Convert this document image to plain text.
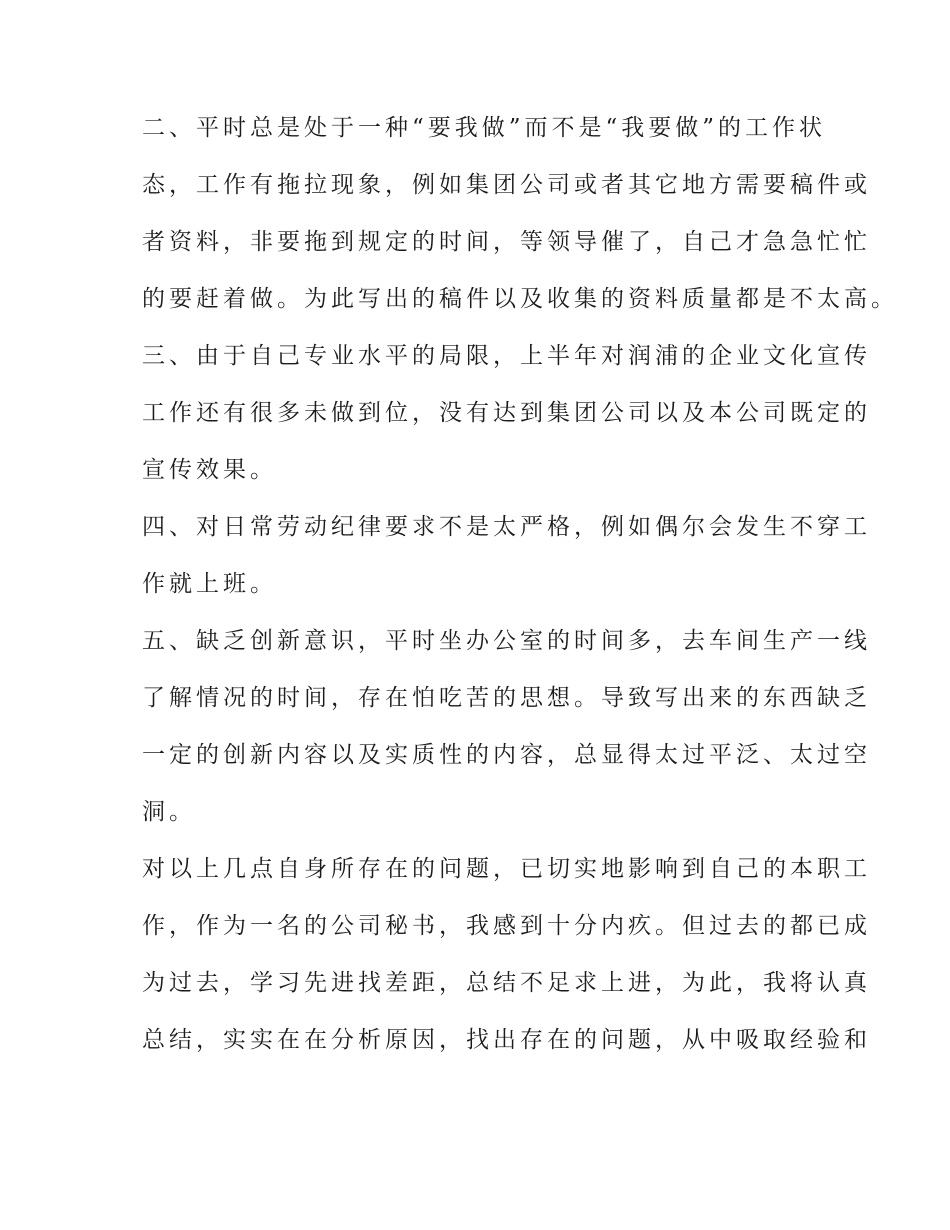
二、平时总是处于一种“要我做”而不是“我要做”的工作状
态，工作有拖拉现象，例如集团公司或者其它地方需要稿件或
者资料，非要拖到规定的时间，等领导催了，自己才急急忙忙
的要赶着做。为此写出的稿件以及收集的资料质量都是不太高。
三、由于自己专业水平的局限，上半年对润浦的企业文化宣传
工作还有很多未做到位，没有达到集团公司以及本公司既定的
宣传效果。
四、对日常劳动纪律要求不是太严格，例如偶尔会发生不穿工
作就上班。
五、缺乏创新意识，平时坐办公室的时间多，去车间生产一线
了解情况的时间，存在怕吃苦的思想。导致写出来的东西缺乏
一定的创新内容以及实质性的内容，总显得太过平泛、太过空
洞。
对以上几点自身所存在的问题，已切实地影响到自己的本职工
作，作为一名的公司秘书，我感到十分内疚。但过去的都已成
为过去，学习先进找差距，总结不足求上进，为此，我将认真
总结，实实在在分析原因，找出存在的问题，从中吸取经验和
